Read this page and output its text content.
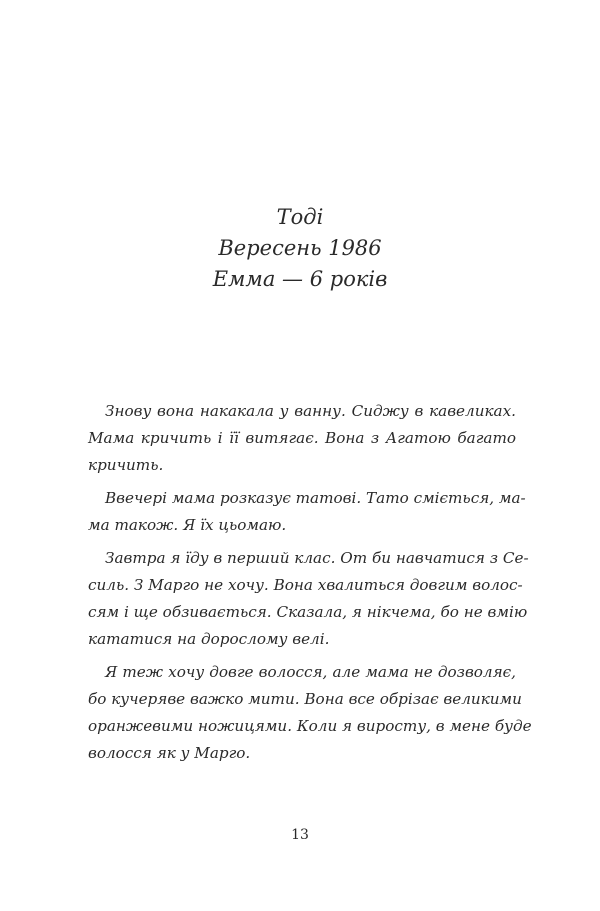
Тоді
Вересень 1986
Емма — 6 років

Знову вона накакала у ванну. Сиджу в кавеликах.
Мама кричить і її витягає. Вона з Агатою багато
кричить.

Ввечері мама розказує татові. Тато сміється, ма-
ма також. Я їх цьомаю.

Завтра я їду в перший клас. От би навчатися з Се-
силь. З Марго не хочу. Вона хвалиться довгим волос-
сям і ще обзивається. Сказала, я нікчема, бо не вмію
кататися на дорослому велі.

Я теж хочу довге волосся, але мама не дозволяє,
бо кучеряве важко мити. Вона все обрізає великими
оранжевими ножицями. Коли я виросту, в мене буде
волосся як у Марго.

13
